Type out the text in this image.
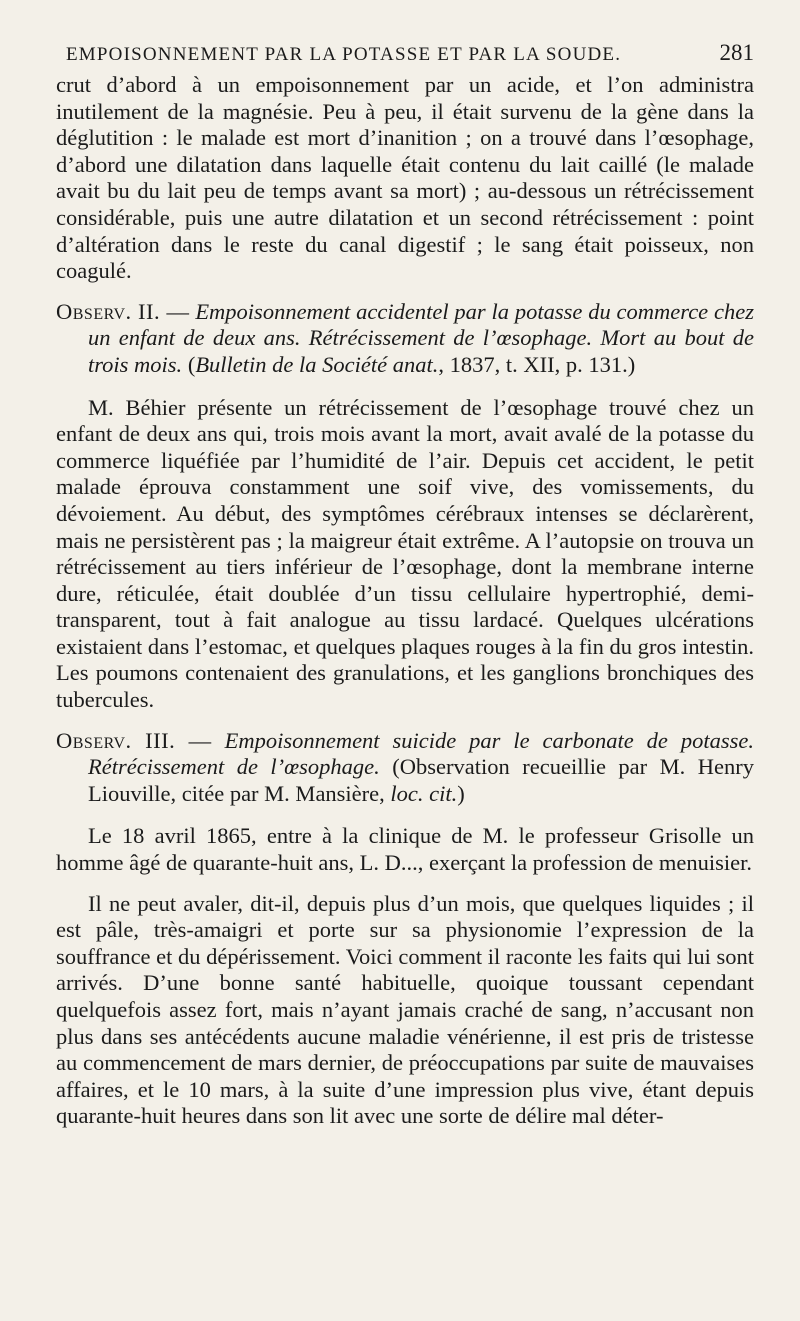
EMPOISONNEMENT PAR LA POTASSE ET PAR LA SOUDE.	281

crut d’abord à un empoisonnement par un acide, et l’on administra inutilement de la magnésie. Peu à peu, il était survenu de la gène dans la déglutition : le malade est mort d’inanition ; on a trouvé dans l’œsophage, d’abord une dilatation dans laquelle était contenu du lait caillé (le malade avait bu du lait peu de temps avant sa mort) ; au-dessous un rétrécissement considérable, puis une autre dilatation et un second rétrécissement : point d’altération dans le reste du canal digestif ; le sang était poisseux, non coagulé.

Observ. II. — Empoisonnement accidentel par la potasse du commerce chez un enfant de deux ans. Rétrécissement de l’œsophage. Mort au bout de trois mois. (Bulletin de la Société anat., 1837, t. XII, p. 131.)

M. Béhier présente un rétrécissement de l’œsophage trouvé chez un enfant de deux ans qui, trois mois avant la mort, avait avalé de la potasse du commerce liquéfiée par l’humidité de l’air. Depuis cet accident, le petit malade éprouva constamment une soif vive, des vomissements, du dévoiement. Au début, des symptômes cérébraux intenses se déclarèrent, mais ne persistèrent pas ; la maigreur était extrême. A l’autopsie on trouva un rétrécissement au tiers inférieur de l’œsophage, dont la membrane interne dure, réticulée, était doublée d’un tissu cellulaire hypertrophié, demi-transparent, tout à fait analogue au tissu lardacé. Quelques ulcérations existaient dans l’estomac, et quelques plaques rouges à la fin du gros intestin. Les poumons contenaient des granulations, et les ganglions bronchiques des tubercules.

Observ. III. — Empoisonnement suicide par le carbonate de potasse. Rétrécissement de l’œsophage. (Observation recueillie par M. Henry Liouville, citée par M. Mansière, loc. cit.)

Le 18 avril 1865, entre à la clinique de M. le professeur Grisolle un homme âgé de quarante-huit ans, L. D..., exerçant la profession de menuisier.

Il ne peut avaler, dit-il, depuis plus d’un mois, que quelques liquides ; il est pâle, très-amaigri et porte sur sa physionomie l’expression de la souffrance et du dépérissement. Voici comment il raconte les faits qui lui sont arrivés. D’une bonne santé habituelle, quoique toussant cependant quelquefois assez fort, mais n’ayant jamais craché de sang, n’accusant non plus dans ses antécédents aucune maladie vénérienne, il est pris de tristesse au commencement de mars dernier, de préoccupations par suite de mauvaises affaires, et le 10 mars, à la suite d’une impression plus vive, étant depuis quarante-huit heures dans son lit avec une sorte de délire mal déter-
